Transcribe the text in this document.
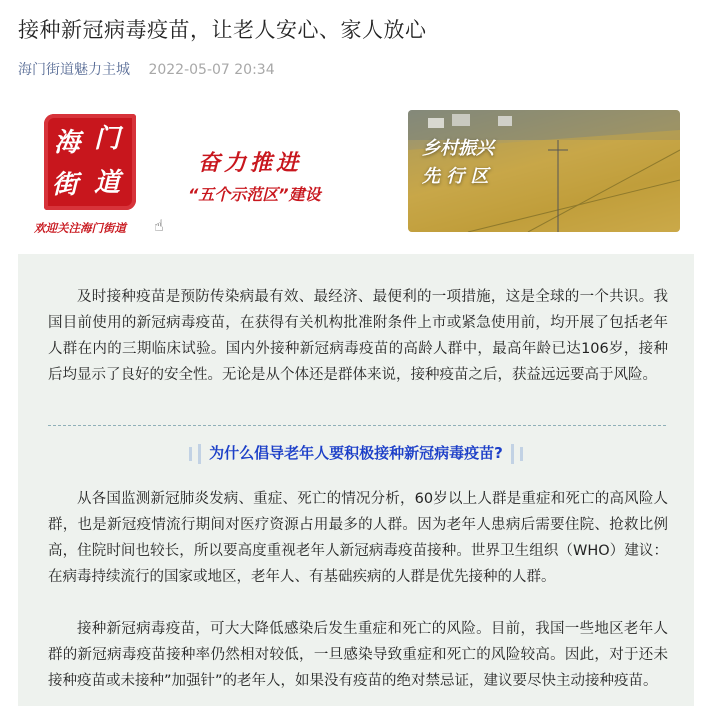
接种新冠病毒疫苗，让老人安心、家人放心
海门街道魅力主城 2022-05-07 20:34
海 门
街 道
欢迎关注海门街道 ☝
奋力推进
“五个示范区”建设
乡村振兴
先 行 区

及时接种疫苗是预防传染病最有效、最经济、最便利的一项措施，这是全球的一个共识。我国目前使用的新冠病毒疫苗，在获得有关机构批准附条件上市或紧急使用前，均开展了包括老年人群在内的三期临床试验。国内外接种新冠病毒疫苗的高龄人群中，最高年龄已达106岁，接种后均显示了良好的安全性。无论是从个体还是群体来说，接种疫苗之后，获益远远要高于风险。

为什么倡导老年人要积极接种新冠病毒疫苗?

从各国监测新冠肺炎发病、重症、死亡的情况分析，60岁以上人群是重症和死亡的高风险人群，也是新冠疫情流行期间对医疗资源占用最多的人群。因为老年人患病后需要住院、抢救比例高，住院时间也较长，所以要高度重视老年人新冠病毒疫苗接种。世界卫生组织（WHO）建议：在病毒持续流行的国家或地区，老年人、有基础疾病的人群是优先接种的人群。

接种新冠病毒疫苗，可大大降低感染后发生重症和死亡的风险。目前，我国一些地区老年人群的新冠病毒疫苗接种率仍然相对较低，一旦感染导致重症和死亡的风险较高。因此，对于还未接种疫苗或未接种”加强针”的老年人，如果没有疫苗的绝对禁忌证，建议要尽快主动接种疫苗。
